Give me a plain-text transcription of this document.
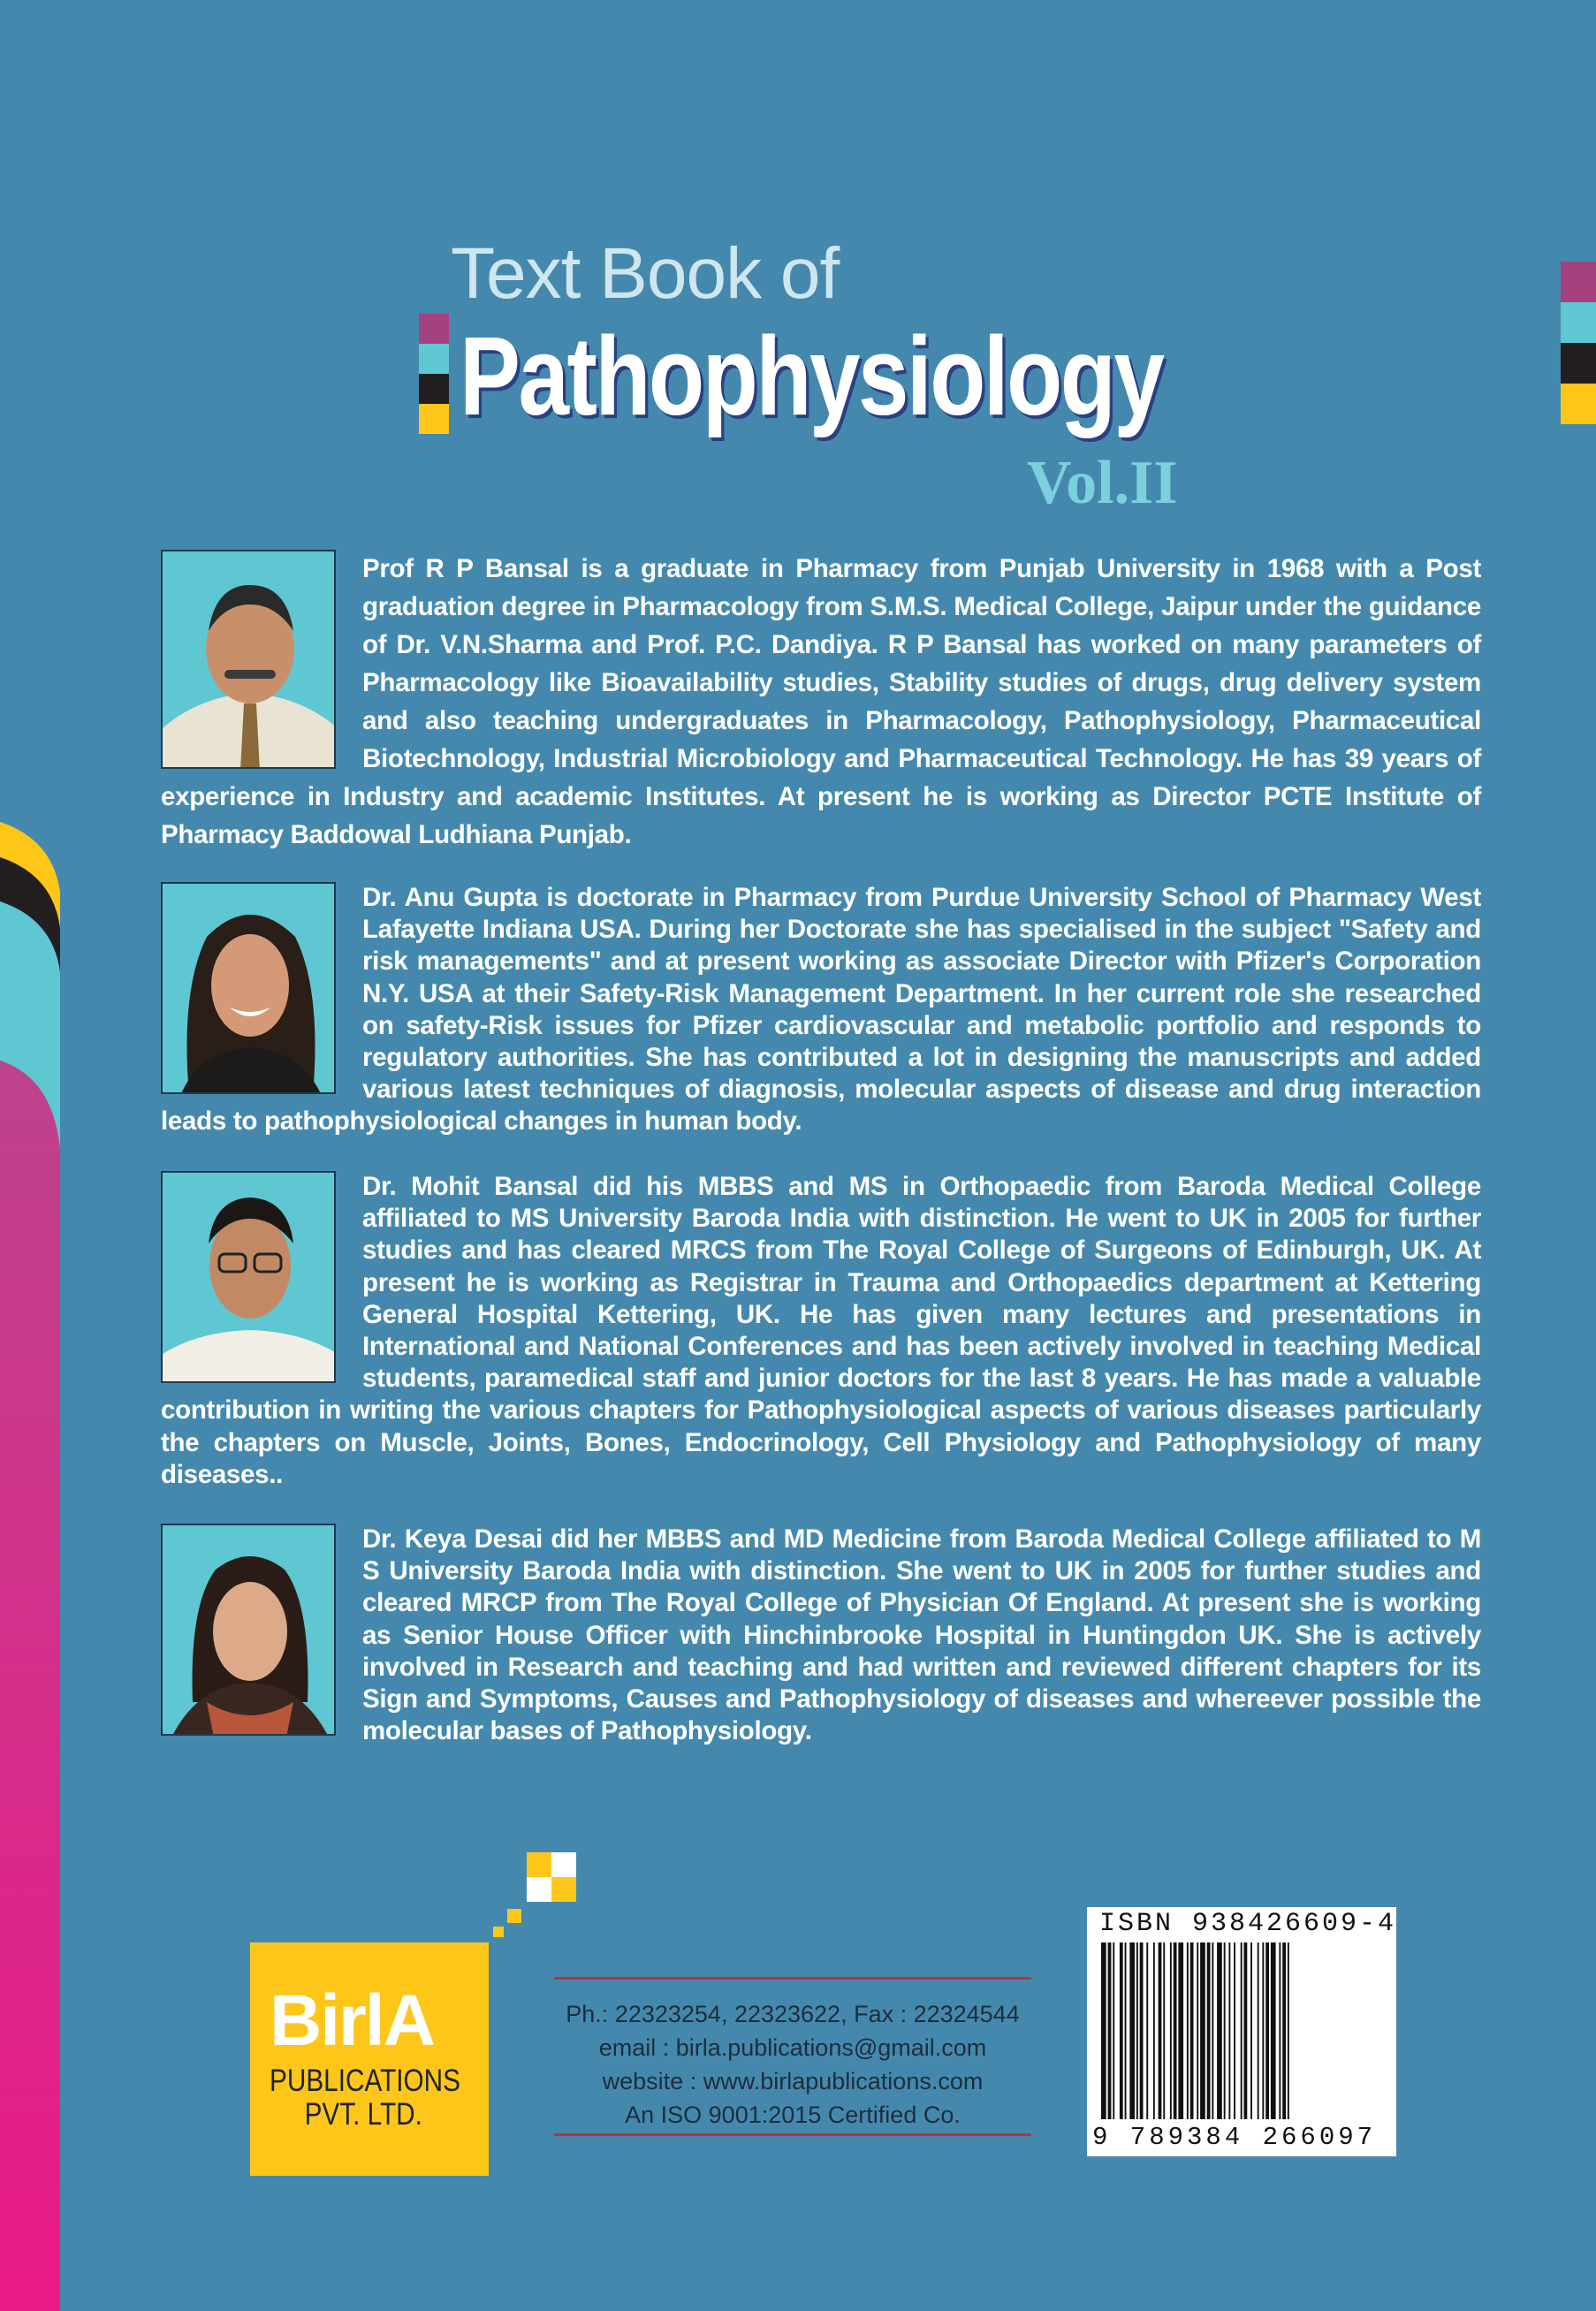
Text Book of
Pathophysiology
Vol.II

Prof R P Bansal is a graduate in Pharmacy from Punjab University in 1968 with a Post graduation degree in Pharmacology from S.M.S. Medical College, Jaipur under the guidance of Dr. V.N.Sharma and Prof. P.C. Dandiya. R P Bansal has worked on many parameters of Pharmacology like Bioavailability studies, Stability studies of drugs, drug delivery system and also teaching undergraduates in Pharmacology, Pathophysiology, Pharmaceutical Biotechnology, Industrial Microbiology and Pharmaceutical Technology. He has 39 years of experience in Industry and academic Institutes. At present he is working as Director PCTE Institute of Pharmacy Baddowal Ludhiana Punjab.

Dr. Anu Gupta is doctorate in Pharmacy from Purdue University School of Pharmacy West Lafayette Indiana USA. During her Doctorate she has specialised in the subject "Safety and risk managements" and at present working as associate Director with Pfizer's Corporation N.Y. USA at their Safety-Risk Management Department. In her current role she researched on safety-Risk issues for Pfizer cardiovascular and metabolic portfolio and responds to regulatory authorities. She has contributed a lot in designing the manuscripts and added various latest techniques of diagnosis, molecular aspects of disease and drug interaction leads to pathophysiological changes in human body.

Dr. Mohit Bansal did his MBBS and MS in Orthopaedic from Baroda Medical College affiliated to MS University Baroda India with distinction. He went to UK in 2005 for further studies and has cleared MRCS from The Royal College of Surgeons of Edinburgh, UK. At present he is working as Registrar in Trauma and Orthopaedics department at Kettering General Hospital Kettering, UK. He has given many lectures and presentations in International and National Conferences and has been actively involved in teaching Medical students, paramedical staff and junior doctors for the last 8 years. He has made a valuable contribution in writing the various chapters for Pathophysiological aspects of various diseases particularly the chapters on Muscle, Joints, Bones, Endocrinology, Cell Physiology and Pathophysiology of many diseases..

Dr. Keya Desai did her MBBS and MD Medicine from Baroda Medical College affiliated to M S University Baroda India with distinction. She went to UK in 2005 for further studies and cleared MRCP from The Royal College of Physician Of England. At present she is working as Senior House Officer with Hinchinbrooke Hospital in Huntingdon UK. She is actively involved in Research and teaching and had written and reviewed different chapters for its Sign and Symptoms, Causes and Pathophysiology of diseases and whereever possible the molecular bases of Pathophysiology.

BirlA
PUBLICATIONS
PVT. LTD.
Ph.: 22323254, 22323622, Fax : 22324544
email : birla.publications@gmail.com
website : www.birlapublications.com
An ISO 9001:2015 Certified Co.
ISBN 938426609-4
9 789384 266097
